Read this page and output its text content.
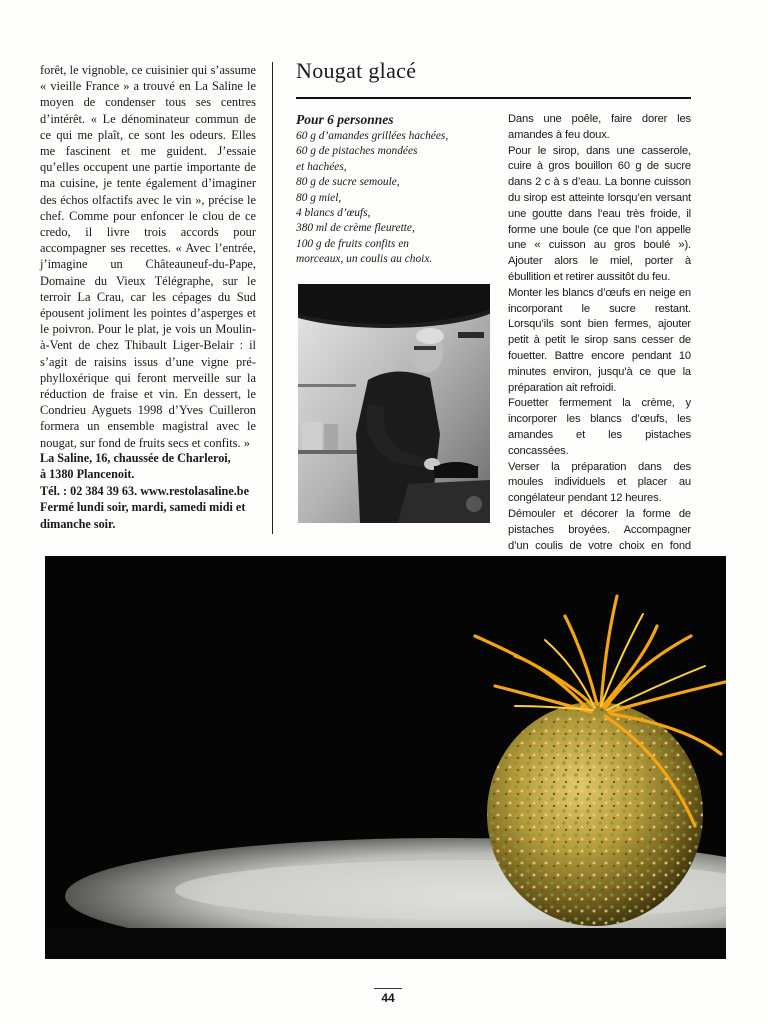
forêt, le vignoble, ce cuisinier qui s’assume « vieille France » a trouvé en La Saline le moyen de condenser tous ses centres d’intérêt. « Le dénominateur commun de ce qui me plaît, ce sont les odeurs. Elles me fascinent et me guident. J’essaie qu’elles occupent une partie importante de ma cuisine, je tente également d’imaginer des échos olfactifs avec le vin », précise le chef. Comme pour enfoncer le clou de ce credo, il livre trois accords pour accompagner ses recettes. « Avec l’entrée, j’imagine un Châteauneuf-du-Pape, Domaine du Vieux Télégraphe, sur le terroir La Crau, car les cépages du Sud épousent joliment les pointes d’asperges et le poivron. Pour le plat, je vois un Moulin-à-Vent de chez Thibault Liger-Belair : il s’agit de raisins issus d’une vigne pré-phylloxérique qui feront merveille sur la réduction de fraise et vin. En dessert, le Condrieu Ayguets 1998 d’Yves Cuilleron formera un ensemble magistral avec le nougat, sur fond de fruits secs et confits. »

La Saline, 16, chaussée de Charleroi,
à 1380 Plancenoit.
Tél. : 02 384 39 63. www.restolasaline.be
Fermé lundi soir, mardi, samedi midi et
dimanche soir.
Nougat glacé
Pour 6 personnes
60 g d’amandes grillées hachées,
60 g de pistaches mondées
et hachées,
80 g de sucre semoule,
80 g miel,
4 blancs d’œufs,
380 ml de crème fleurette,
100 g de fruits confits en
morceaux, un coulis au choix.

Dans une poêle, faire dorer les amandes à feu doux.

Pour le sirop, dans une casserole, cuire à gros bouillon 60 g de sucre dans 2 c à s d’eau. La bonne cuisson du sirop est atteinte lorsqu’en versant une goutte dans l’eau très froide, il forme une boule (ce que l’on appelle une « cuisson au gros boulé »). Ajouter alors le miel, porter à ébullition et retirer aussitôt du feu.

Monter les blancs d’œufs en neige en incorporant le sucre restant. Lorsqu’ils sont bien fermes, ajouter petit à petit le sirop sans cesser de fouetter. Battre encore pendant 10 minutes environ, jusqu’à ce que la préparation ait refroidi.

Fouetter fermement la crème, y incorporer les blancs d’œufs, les amandes et les pistaches concassées.

Verser la préparation dans des moules individuels et placer au congélateur pendant 12 heures.

Démouler et décorer la forme de pistaches broyées. Accompagner d’un coulis de votre choix en fond

44
